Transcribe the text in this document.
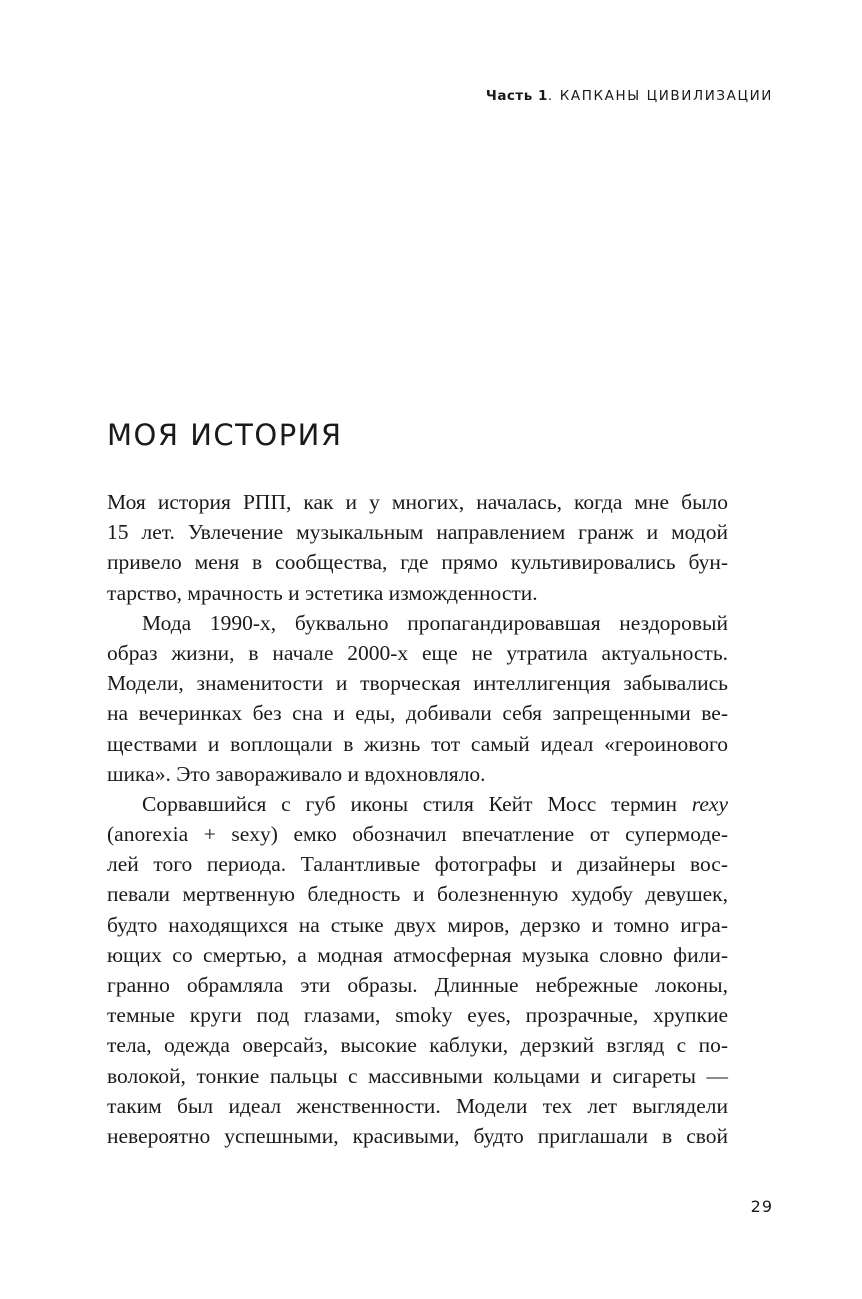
Часть 1. КАПКАНЫ ЦИВИЛИЗАЦИИ
МОЯ ИСТОРИЯ
Моя история РПП, как и у многих, началась, когда мне было
15 лет. Увлечение музыкальным направлением гранж и модой
привело меня в сообщества, где прямо культивировались бун-
тарство, мрачность и эстетика изможденности.
Мода 1990-х, буквально пропагандировавшая нездоровый
образ жизни, в начале 2000-х еще не утратила актуальность.
Модели, знаменитости и творческая интеллигенция забывались
на вечеринках без сна и еды, добивали себя запрещенными ве-
ществами и воплощали в жизнь тот самый идеал «героинового
шика». Это завораживало и вдохновляло.
Сорвавшийся с губ иконы стиля Кейт Мосс термин rexy
(anorexia + sexy) емко обозначил впечатление от супермоде-
лей того периода. Талантливые фотографы и дизайнеры вос-
певали мертвенную бледность и болезненную худобу девушек,
будто находящихся на стыке двух миров, дерзко и томно игра-
ющих со смертью, а модная атмосферная музыка словно фили-
гранно обрамляла эти образы. Длинные небрежные локоны,
темные круги под глазами, smoky eyes, прозрачные, хрупкие
тела, одежда оверсайз, высокие каблуки, дерзкий взгляд с по-
волокой, тонкие пальцы с массивными кольцами и сигареты —
таким был идеал женственности. Модели тех лет выглядели
невероятно успешными, красивыми, будто приглашали в свой
29
